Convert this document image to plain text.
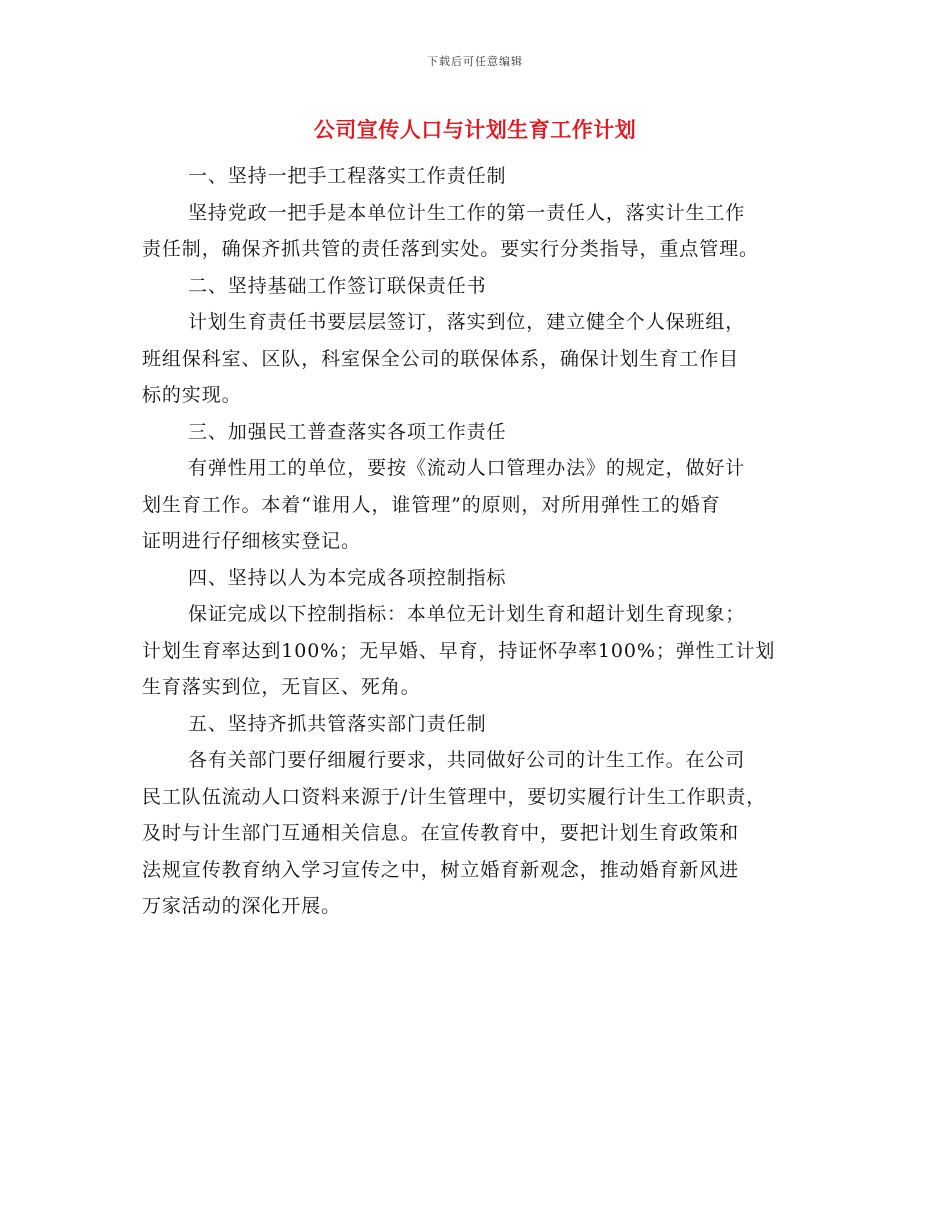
下载后可任意编辑
公司宣传人口与计划生育工作计划

一、坚持一把手工程落实工作责任制

坚持党政一把手是本单位计生工作的第一责任人，落实计生工作

责任制，确保齐抓共管的责任落到实处。要实行分类指导，重点管理。

二、坚持基础工作签订联保责任书

计划生育责任书要层层签订，落实到位，建立健全个人保班组，

班组保科室、区队，科室保全公司的联保体系，确保计划生育工作目

标的实现。

三、加强民工普查落实各项工作责任

有弹性用工的单位，要按《流动人口管理办法》的规定，做好计

划生育工作。本着“谁用人，谁管理”的原则，对所用弹性工的婚育

证明进行仔细核实登记。

四、坚持以人为本完成各项控制指标

保证完成以下控制指标：本单位无计划生育和超计划生育现象；

计划生育率达到100%；无早婚、早育，持证怀孕率100%；弹性工计划

生育落实到位，无盲区、死角。

五、坚持齐抓共管落实部门责任制

各有关部门要仔细履行要求，共同做好公司的计生工作。在公司

民工队伍流动人口资料来源于/计生管理中，要切实履行计生工作职责，

及时与计生部门互通相关信息。在宣传教育中，要把计划生育政策和

法规宣传教育纳入学习宣传之中，树立婚育新观念，推动婚育新风进

万家活动的深化开展。
